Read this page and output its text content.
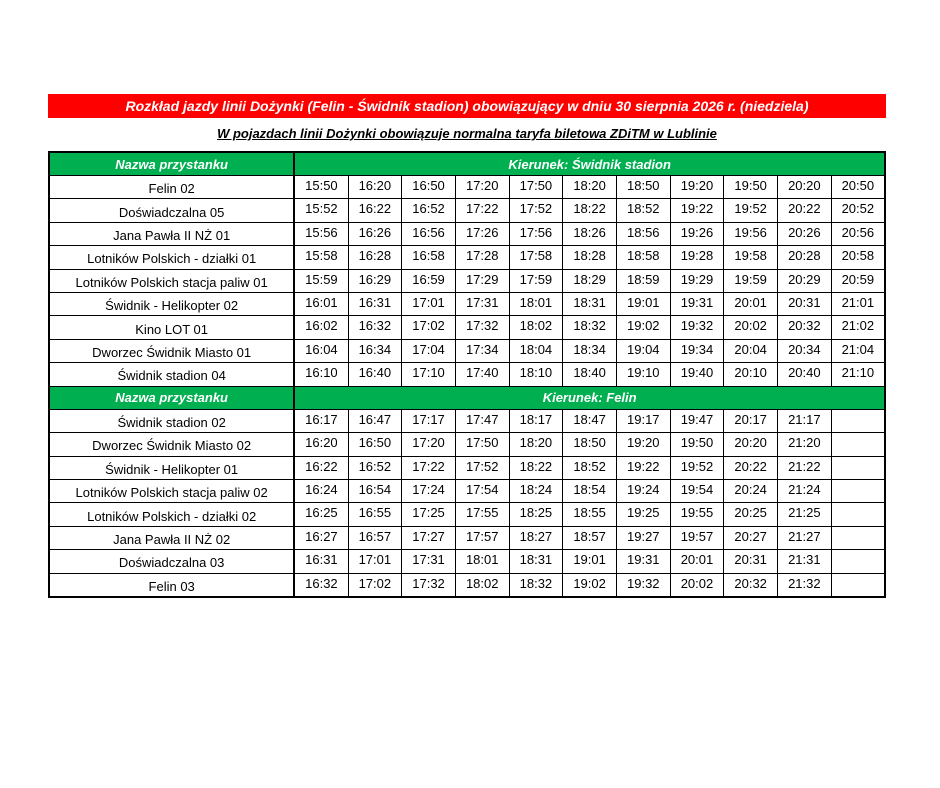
Rozkład jazdy linii Dożynki (Felin - Świdnik stadion) obowiązujący w dniu 30 sierpnia 2026 r. (niedziela)
W pojazdach linii Dożynki obowiązuje normalna taryfa biletowa ZDiTM w Lublinie
Nazwa przystanku	Kierunek: Świdnik stadion										
Felin 02	15:50	16:20	16:50	17:20	17:50	18:20	18:50	19:20	19:50	20:20	20:50
Doświadczalna 05	15:52	16:22	16:52	17:22	17:52	18:22	18:52	19:22	19:52	20:22	20:52
Jana Pawła II NŻ 01	15:56	16:26	16:56	17:26	17:56	18:26	18:56	19:26	19:56	20:26	20:56
Lotników Polskich - działki 01	15:58	16:28	16:58	17:28	17:58	18:28	18:58	19:28	19:58	20:28	20:58
Lotników Polskich stacja paliw 01	15:59	16:29	16:59	17:29	17:59	18:29	18:59	19:29	19:59	20:29	20:59
Świdnik - Helikopter 02	16:01	16:31	17:01	17:31	18:01	18:31	19:01	19:31	20:01	20:31	21:01
Kino LOT 01	16:02	16:32	17:02	17:32	18:02	18:32	19:02	19:32	20:02	20:32	21:02
Dworzec Świdnik Miasto 01	16:04	16:34	17:04	17:34	18:04	18:34	19:04	19:34	20:04	20:34	21:04
Świdnik stadion 04	16:10	16:40	17:10	17:40	18:10	18:40	19:10	19:40	20:10	20:40	21:10
Nazwa przystanku	Kierunek: Felin										
Świdnik stadion 02	16:17	16:47	17:17	17:47	18:17	18:47	19:17	19:47	20:17	21:17	
Dworzec Świdnik Miasto 02	16:20	16:50	17:20	17:50	18:20	18:50	19:20	19:50	20:20	21:20	
Świdnik - Helikopter 01	16:22	16:52	17:22	17:52	18:22	18:52	19:22	19:52	20:22	21:22	
Lotników Polskich stacja paliw 02	16:24	16:54	17:24	17:54	18:24	18:54	19:24	19:54	20:24	21:24	
Lotników Polskich - działki 02	16:25	16:55	17:25	17:55	18:25	18:55	19:25	19:55	20:25	21:25	
Jana Pawła II NŻ 02	16:27	16:57	17:27	17:57	18:27	18:57	19:27	19:57	20:27	21:27	
Doświadczalna 03	16:31	17:01	17:31	18:01	18:31	19:01	19:31	20:01	20:31	21:31	
Felin 03	16:32	17:02	17:32	18:02	18:32	19:02	19:32	20:02	20:32	21:32	
